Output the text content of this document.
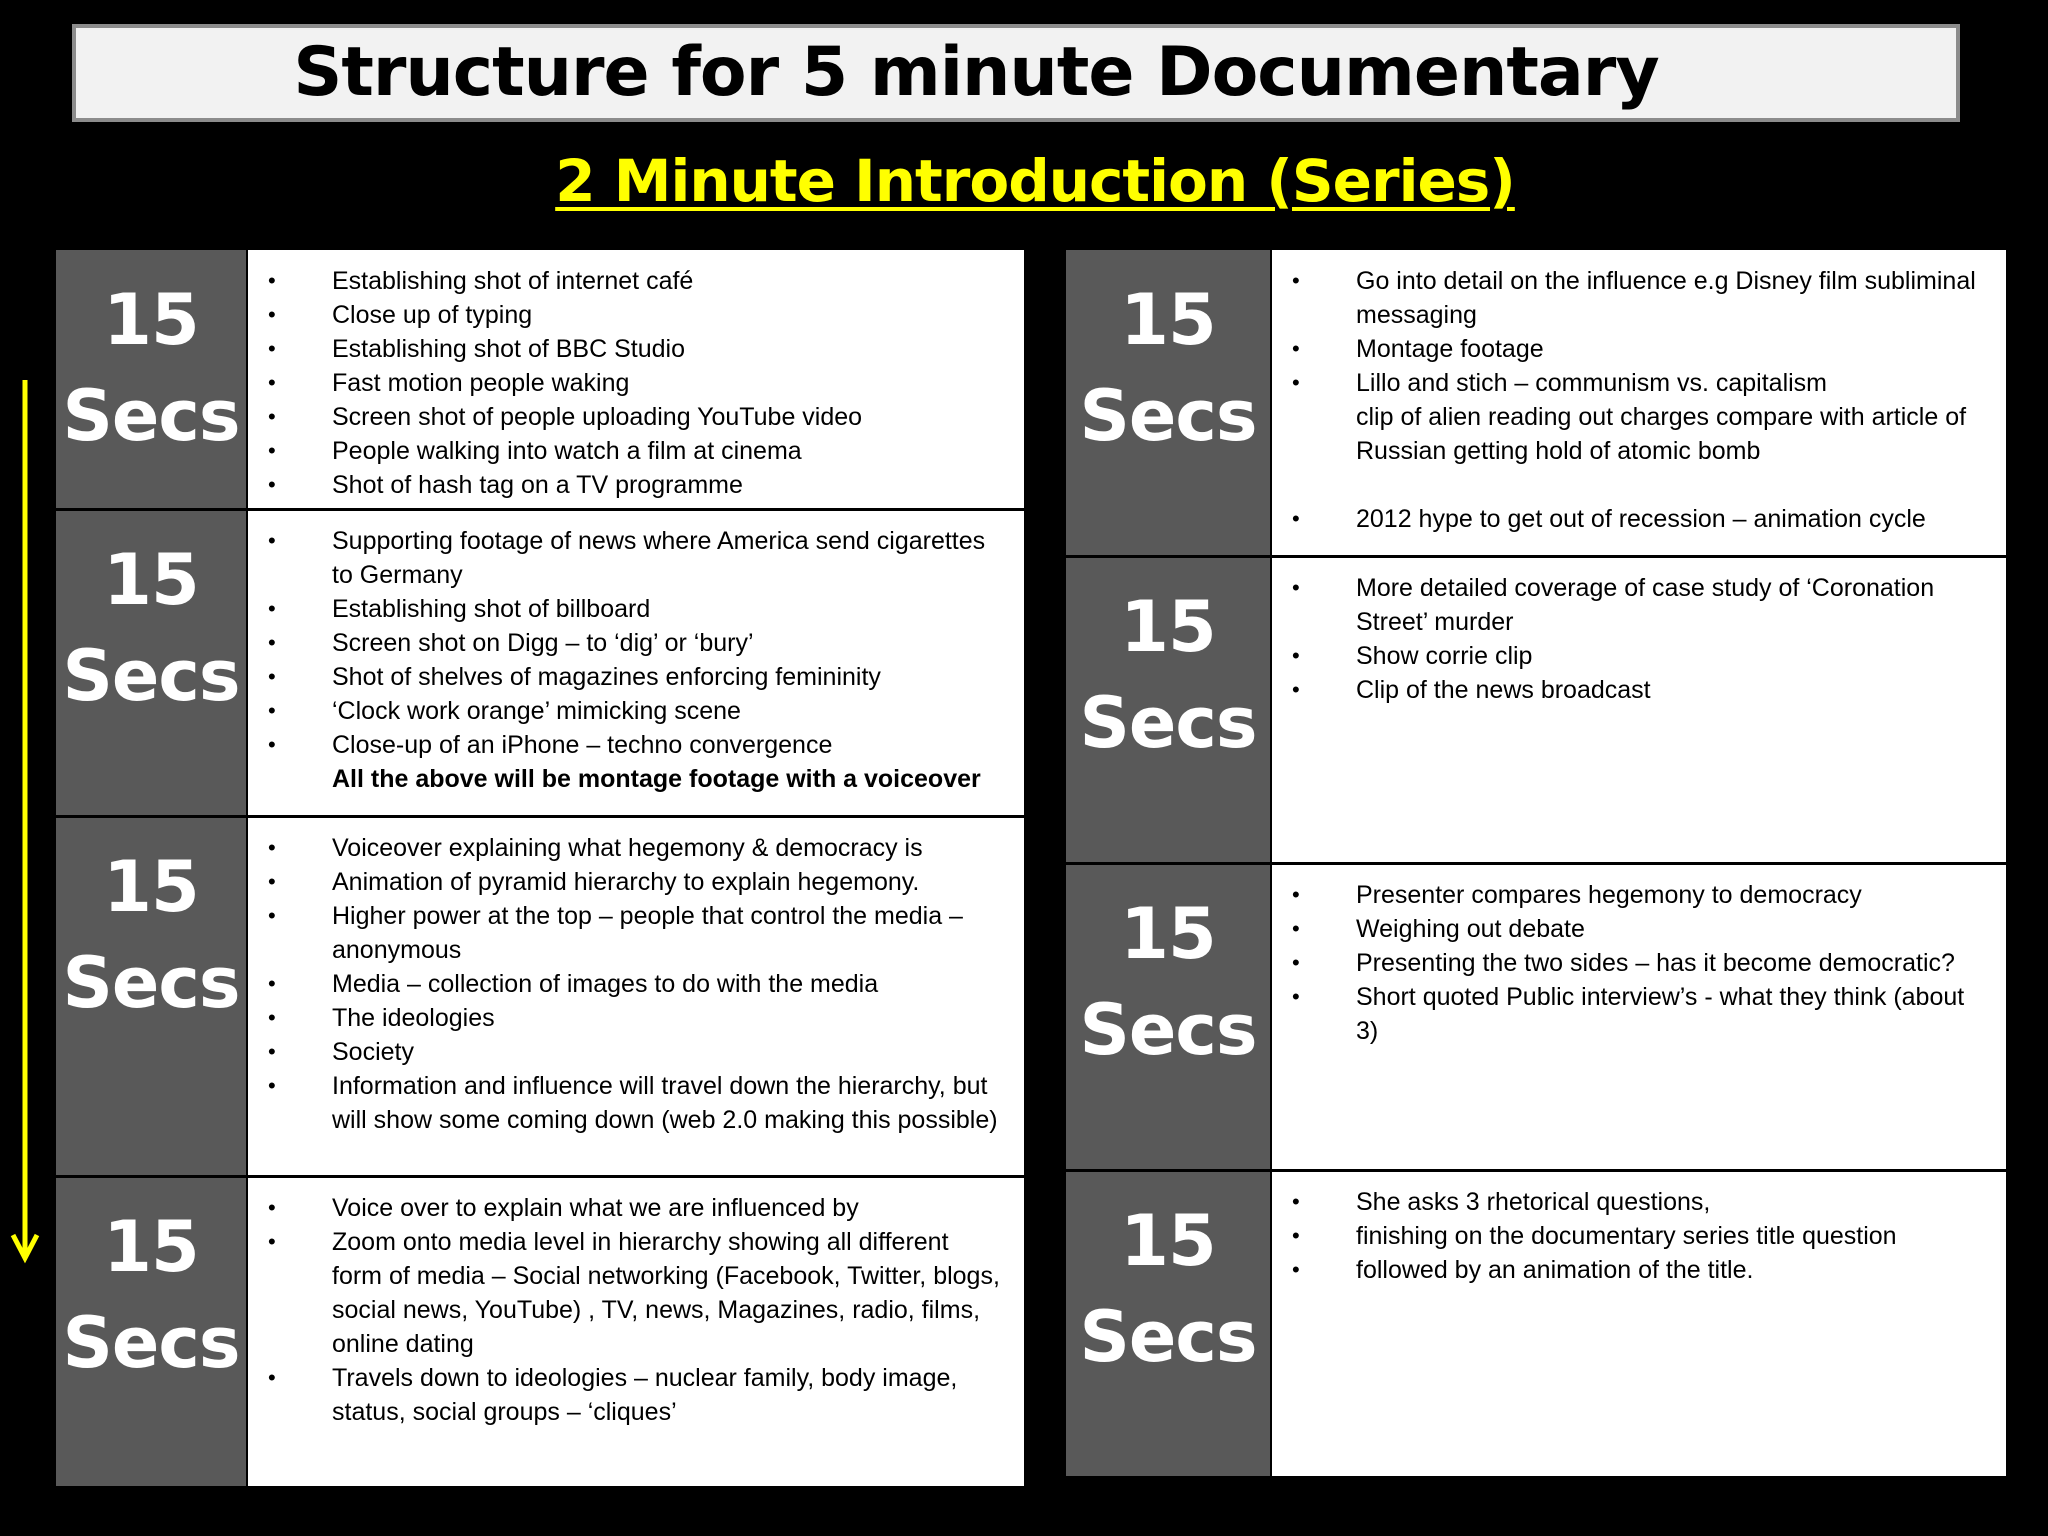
Structure for 5 minute Documentary
2 Minute Introduction (Series)
15
Secs
• Establishing shot of internet café
• Close up of typing
• Establishing shot of BBC Studio
• Fast motion people waking
• Screen shot of people uploading YouTube video
• People walking into watch a film at cinema
• Shot of hash tag on a TV programme
15
Secs
• Supporting footage of news where America send cigarettes to Germany
• Establishing shot of billboard
• Screen shot on Digg – to ‘dig’ or ‘bury’
• Shot of shelves of magazines enforcing femininity
• ‘Clock work orange’ mimicking scene
• Close-up of an iPhone – techno convergence
All the above will be montage footage with a voiceover
15
Secs
• Voiceover explaining what hegemony & democracy is
• Animation of pyramid hierarchy to explain hegemony.
• Higher power at the top – people that control the media – anonymous
• Media – collection of images to do with the media
• The ideologies
• Society
• Information and influence will travel down the hierarchy, but will show some coming down (web 2.0 making this possible)
15
Secs
• Voice over to explain what we are influenced by
• Zoom onto media level in hierarchy showing all different form of media – Social networking (Facebook, Twitter, blogs, social news, YouTube) , TV, news, Magazines, radio, films, online dating
• Travels down to ideologies – nuclear family, body image, status, social groups – ‘cliques’
15
Secs
• Go into detail on the influence e.g Disney film subliminal messaging
• Montage footage
• Lillo and stich – communism vs. capitalism
clip of alien reading out charges compare with article of Russian getting hold of atomic bomb
• 2012 hype to get out of recession – animation cycle
15
Secs
• More detailed coverage of case study of ‘Coronation Street’ murder
• Show corrie clip
• Clip of the news broadcast
15
Secs
• Presenter compares hegemony to democracy
• Weighing out debate
• Presenting the two sides – has it become democratic?
• Short quoted Public interview’s - what they think (about 3)
15
Secs
• She asks 3 rhetorical questions,
• finishing on the documentary series title question
• followed by an animation of the title.
